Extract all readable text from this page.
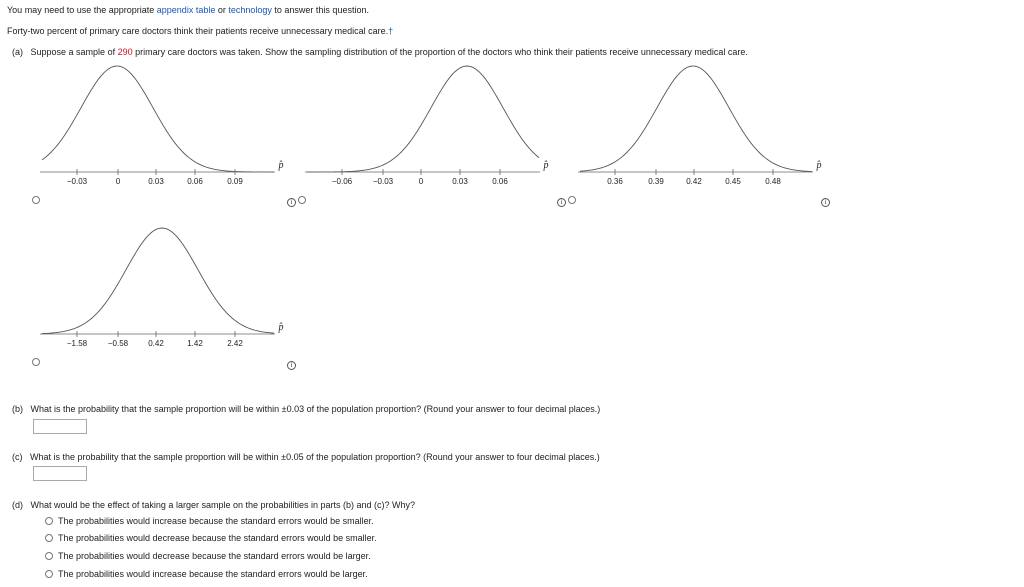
You may need to use the appropriate appendix table or technology to answer this question.
Forty-two percent of primary care doctors think their patients receive unnecessary medical care.†
(a) Suppose a sample of 290 primary care doctors was taken. Show the sampling distribution of the proportion of the doctors who think their patients receive unnecessary medical care.
−0.03	0	0.03	0.06	0.09
p̂
−0.06	−0.03	0	0.03	0.06
p̂
0.36	0.39	0.42	0.45	0.48
p̂
−1.58	−0.58	0.42	1.42	2.42
p̂
i	i	i
i
(b) What is the probability that the sample proportion will be within ±0.03 of the population proportion? (Round your answer to four decimal places.)
(c) What is the probability that the sample proportion will be within ±0.05 of the population proportion? (Round your answer to four decimal places.)
(d) What would be the effect of taking a larger sample on the probabilities in parts (b) and (c)? Why?
The probabilities would increase because the standard errors would be smaller.
The probabilities would decrease because the standard errors would be smaller.
The probabilities would decrease because the standard errors would be larger.
The probabilities would increase because the standard errors would be larger.
